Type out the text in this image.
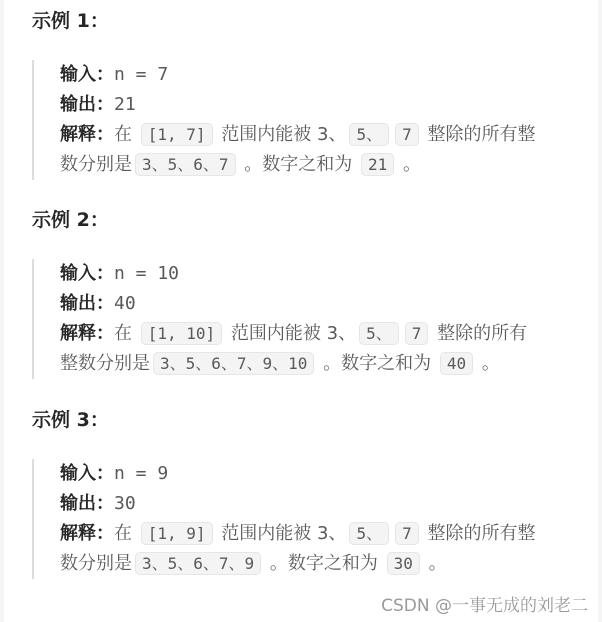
示例 1：
输入：n = 7
输出：21
解释：在 [1, 7] 范围内能被 3、 5、 7 整除的所有整
数分别是 3、5、6、7 。数字之和为 21 。
示例 2：
输入：n = 10
输出：40
解释：在 [1, 10] 范围内能被 3、 5、 7 整除的所有
整数分别是 3、5、6、7、9、10 。数字之和为 40 。
示例 3：
输入：n = 9
输出：30
解释：在 [1, 9] 范围内能被 3、 5、 7 整除的所有整
数分别是 3、5、6、7、9 。数字之和为 30 。
CSDN @一事无成的刘老二
